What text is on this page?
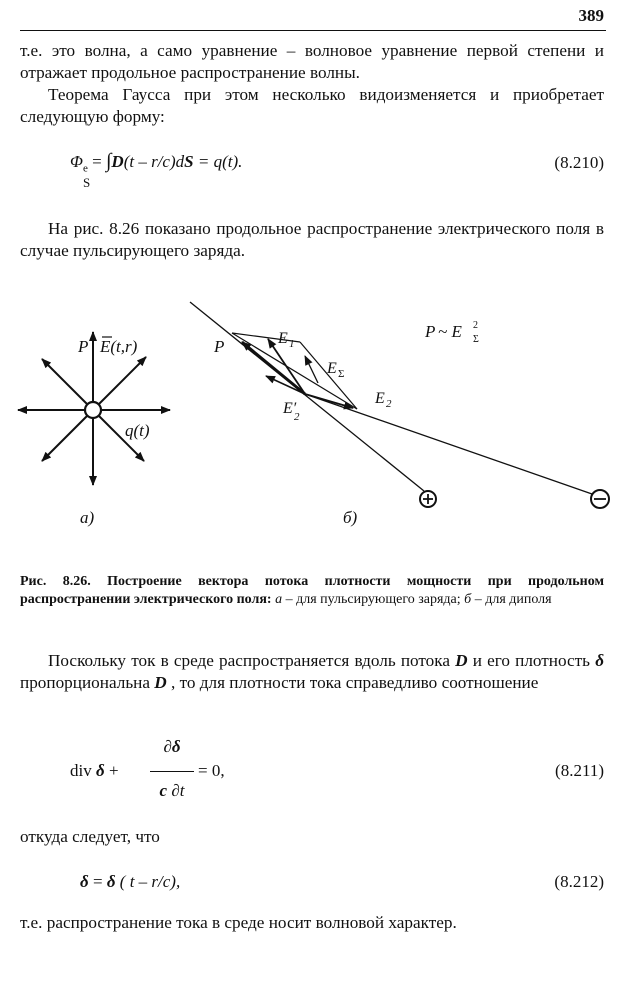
389
т.е. это волна, а само уравнение – волновое уравнение первой степени и отражает продольное распространение волны.
Теорема Гаусса при этом несколько видоизменяется и приобретает следующую форму:
$\Phi_е = \int D(t - r/c)dS = q(t)$.
S
(8.210)
На рис. 8.26 показано продольное распространение электрического поля в случае пульсирующего заряда.
P E(t,r)
q(t)
а)
P	E 1
E Σ
E 2
E′
2
P ~ E 2
Σ
б)
Рис. 8.26. Построение вектора потока плотности мощности при продольном распространении электрического поля: а – для пульсирующего заряда; б – для диполя
Поскольку ток в среде распространяется вдоль потока D и его плотность δ пропорциональна D , то для плотности тока справедливо соотношение
div δ +
∂δ
c ∂t
= 0,	(8.211)
откуда следует, что
δ = δ ( t – r/c),	(8.212)
т.е. распространение тока в среде носит волновой характер.
